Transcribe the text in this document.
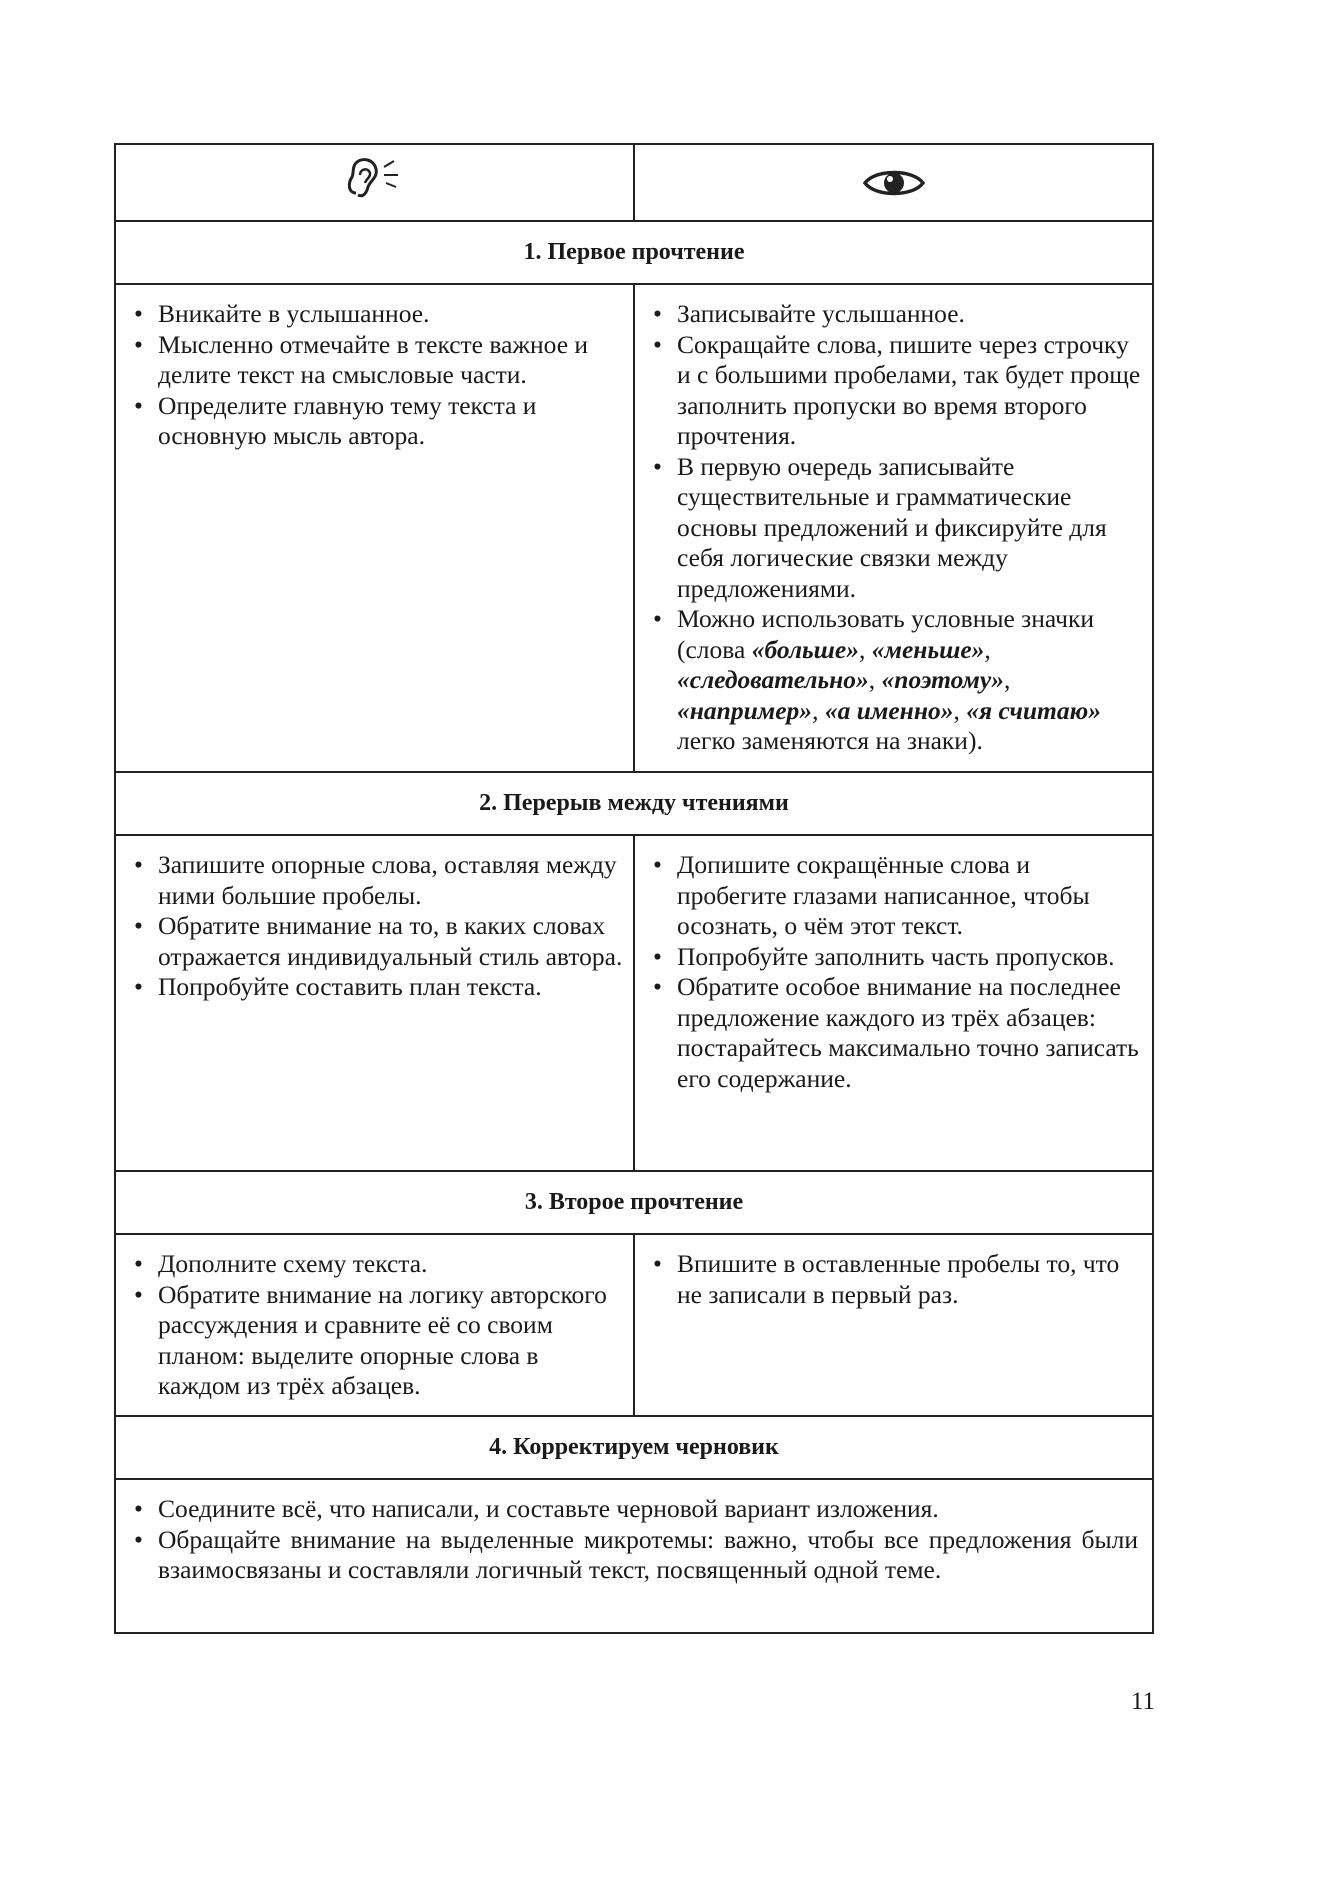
1. Первое прочтение
• Вникайте в услышанное.
• Мысленно отмечайте в тексте важное и делите текст на смысловые части.
• Определите главную тему текста и основную мысль автора.
• Записывайте услышанное.
• Сокращайте слова, пишите через строчку и с большими пробелами, так будет проще заполнить пропуски во время второго прочтения.
• В первую очередь записывайте существительные и грамматические основы предложений и фиксируйте для себя логические связки между предложениями.
• Можно использовать условные значки (слова «больше», «меньше», «следовательно», «поэтому», «например», «а именно», «я считаю» легко заменяются на знаки).
2. Перерыв между чтениями
• Запишите опорные слова, оставляя между ними большие пробелы.
• Обратите внимание на то, в каких словах отражается индивидуальный стиль автора.
• Попробуйте составить план текста.
• Допишите сокращённые слова и пробегите глазами написанное, чтобы осознать, о чём этот текст.
• Попробуйте заполнить часть пропусков.
• Обратите особое внимание на последнее предложение каждого из трёх абзацев: постарайтесь максимально точно записать его содержание.
3. Второе прочтение
• Дополните схему текста.
• Обратите внимание на логику авторского рассуждения и сравните её со своим планом: выделите опорные слова в каждом из трёх абзацев.
• Впишите в оставленные пробелы то, что не записали в первый раз.
4. Корректируем черновик
• Соедините всё, что написали, и составьте черновой вариант изложения.
• Обращайте внимание на выделенные микротемы: важно, чтобы все предложения были взаимосвязаны и составляли логичный текст, посвященный одной теме.
11
